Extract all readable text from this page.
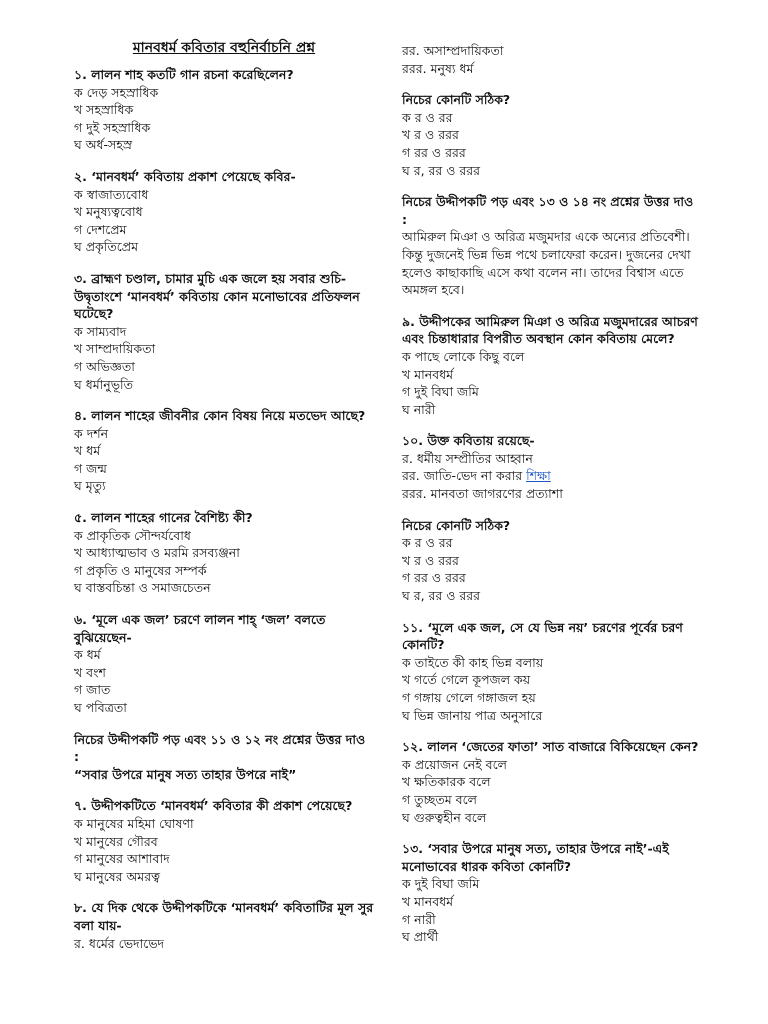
মানবধর্ম কবিতার বহুনির্বাচনি প্রশ্ন
১. লালন শাহ কতটি গান রচনা করেছিলেন?
ক দেড় সহস্রাধিক
খ সহস্রাধিক
গ দুই সহস্রাধিক
ঘ অর্ধ-সহস্র
২. ‘মানবধর্ম’ কবিতায় প্রকাশ পেয়েছে কবির-
ক স্বাজাত্যবোধ
খ মনুষ্যত্ববোধ
গ দেশপ্রেম
ঘ প্রকৃতিপ্রেম
৩. ব্রাহ্মণ চণ্ডাল, চামার মুচি এক জলে হয় সবার শুচি- উদ্বৃতাংশে ‘মানবধর্ম’ কবিতায় কোন মনোভাবের প্রতিফলন ঘটেছে?
ক সাম্যবাদ
খ সাম্প্রদায়িকতা
গ অভিজ্ঞতা
ঘ ধর্মানুভূতি
৪. লালন শাহের জীবনীর কোন বিষয় নিয়ে মতভেদ আছে?
ক দর্শন
খ ধর্ম
গ জন্ম
ঘ মৃত্যু
৫. লালন শাহের গানের বৈশিষ্ট্য কী?
ক প্রাকৃতিক সৌন্দর্যবোধ
খ আধ্যাত্মভাব ও মরমি রসব্যঞ্জনা
গ প্রকৃতি ও মানুষের সম্পর্ক
ঘ বাস্তবচিন্তা ও সমাজচেতন
৬. ‘মূলে এক জল’ চরণে লালন শাহ্ ‘জল’ বলতে বুঝিয়েছেন-
ক ধর্ম
খ বংশ
গ জাত
ঘ পবিত্রতা
নিচের উদ্দীপকটি পড় এবং ১১ ও ১২ নং প্রশ্নের উত্তর দাও :
“সবার উপরে মানুষ সত্য তাহার উপরে নাই”
৭. উদ্দীপকটিতে ‘মানবধর্ম’ কবিতার কী প্রকাশ পেয়েছে?
ক মানুষের মহিমা ঘোষণা
খ মানুষের গৌরব
গ মানুষের আশাবাদ
ঘ মানুষের অমরত্ব
৮. যে দিক থেকে উদ্দীপকটিকে ‘মানবধর্ম’ কবিতাটির মূল সুর বলা যায়-
র. ধর্মের ভেদাভেদ
রর. অসাম্প্রদায়িকতা
ররর. মনুষ্য ধর্ম
নিচের কোনটি সঠিক?
ক র ও রর
খ র ও ররর
গ রর ও ররর
ঘ র, রর ও ররর
নিচের উদ্দীপকটি পড় এবং ১৩ ও ১৪ নং প্রশ্নের উত্তর দাও :
আমিরুল মিঞা ও অরিত্র মজুমদার একে অন্যের প্রতিবেশী। কিন্তু দুজনেই ভিন্ন ভিন্ন পথে চলাফেরা করেন। দুজনের দেখা হলেও কাছাকাছি এসে কথা বলেন না। তাদের বিশ্বাস এতে অমঙ্গল হবে।
৯. উদ্দীপকের আমিরুল মিঞা ও অরিত্র মজুমদারের আচরণ এবং চিন্তাধারার বিপরীত অবস্থান কোন কবিতায় মেলে?
ক পাছে লোকে কিছু বলে
খ মানবধর্ম
গ দুই বিঘা জমি
ঘ নারী
১০. উক্ত কবিতায় রয়েছে-
র. ধর্মীয় সম্প্রীতির আহ্বান
রর. জাতি-ভেদ না করার শিক্ষা
ররর. মানবতা জাগরণের প্রত্যাশা
নিচের কোনটি সঠিক?
ক র ও রর
খ র ও ররর
গ রর ও ররর
ঘ র, রর ও ররর
১১. ‘মূলে এক জল, সে যে ভিন্ন নয়’ চরণের পূর্বের চরণ কোনটি?
ক তাইতে কী কাহ ভিন্ন বলায়
খ গর্তে গেলে কূপজল কয়
গ গঙ্গায় গেলে গঙ্গাজল হয়
ঘ ভিন্ন জানায় পাত্র অনুসারে
১২. লালন ‘জেতের ফাতা’ সাত বাজারে বিকিয়েছেন কেন?
ক প্রয়োজন নেই বলে
খ ক্ষতিকারক বলে
গ তুচ্ছতম বলে
ঘ গুরুত্বহীন বলে
১৩. ‘সবার উপরে মানুষ সত্য, তাহার উপরে নাই’-এই মনোভাবের ধারক কবিতা কোনটি?
ক দুই বিঘা জমি
খ মানবধর্ম
গ নারী
ঘ প্রার্থী
